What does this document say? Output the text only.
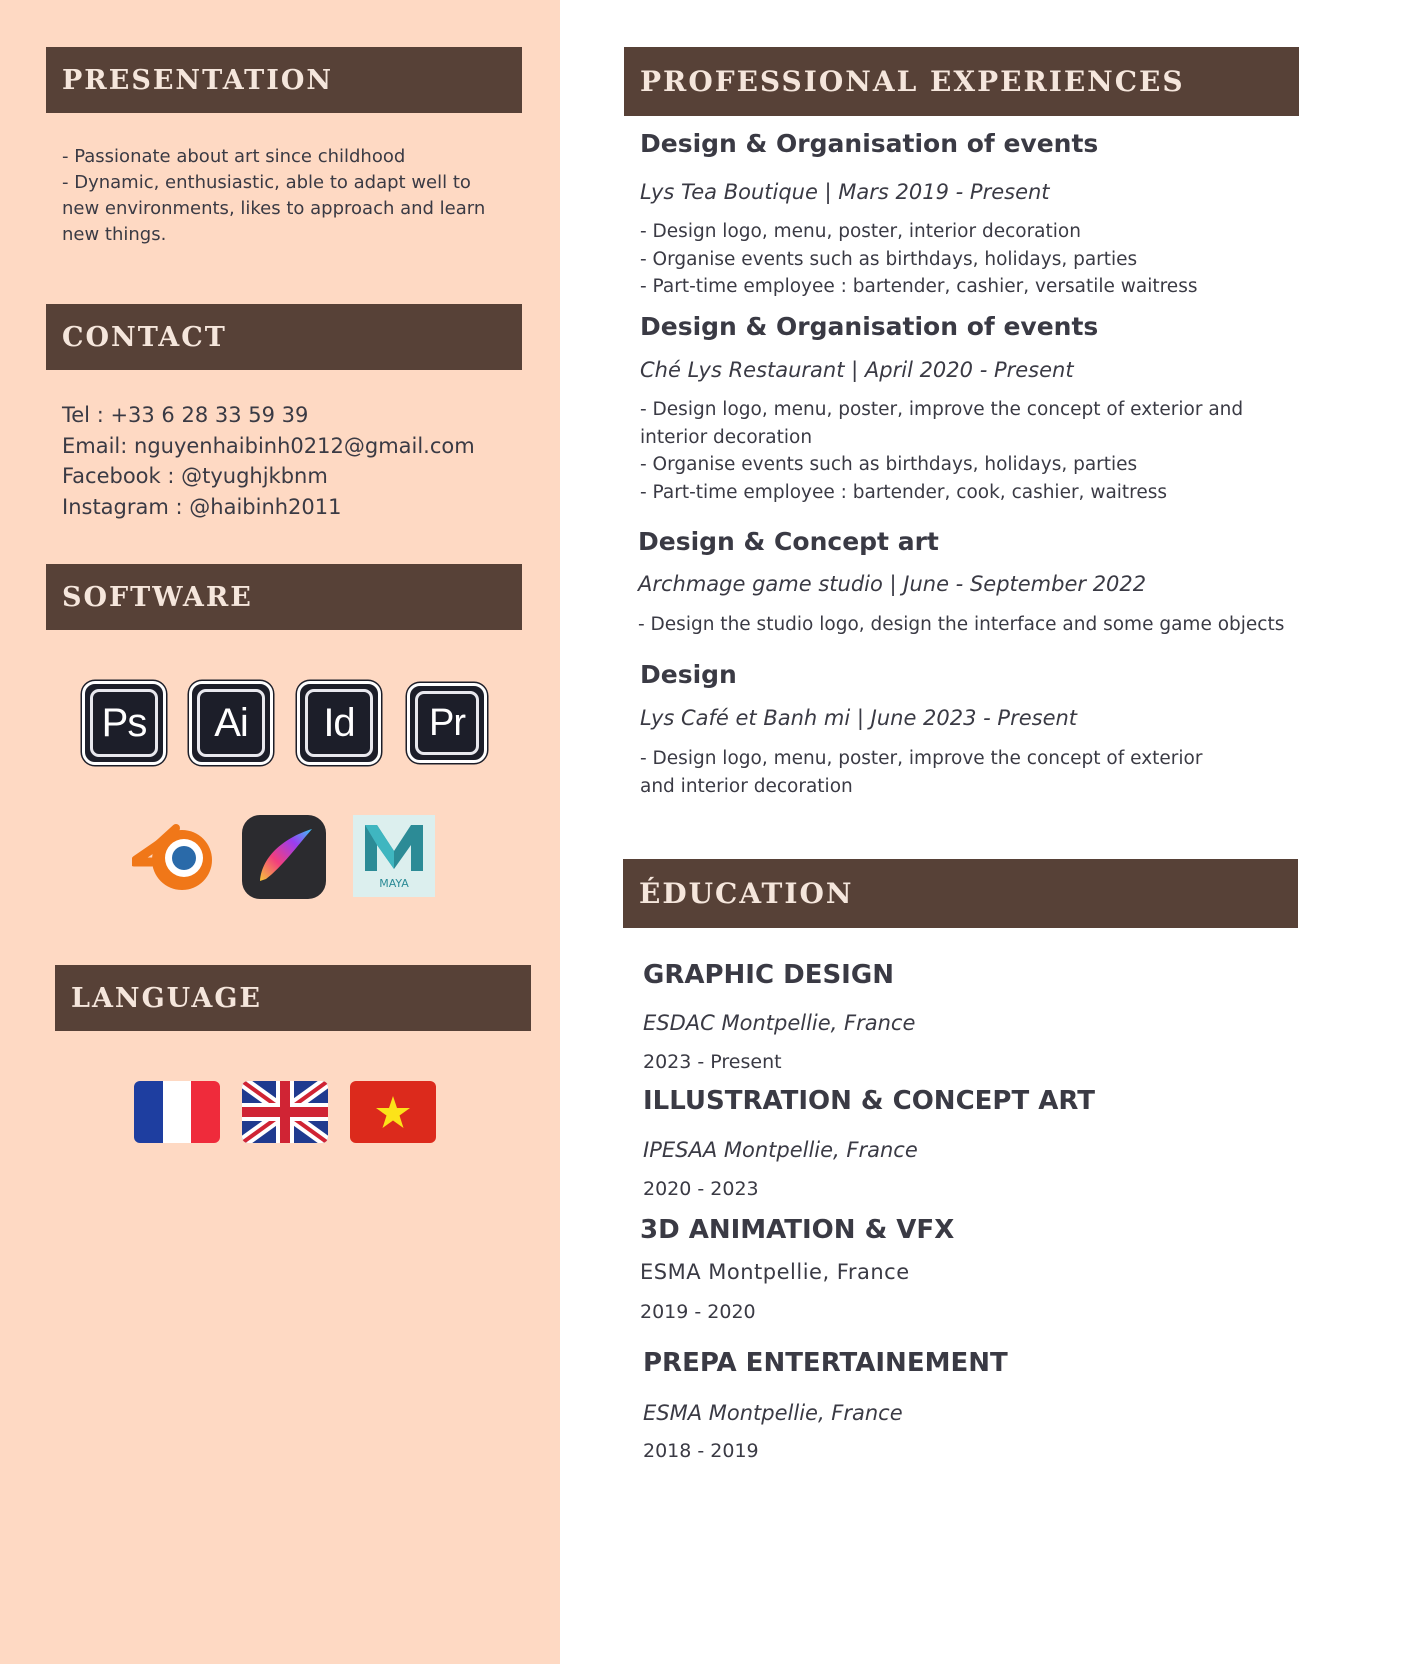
PRESENTATION
- Passionate about art since childhood
- Dynamic, enthusiastic, able to adapt well to new environments, likes to approach and learn new things.
CONTACT
Tel : +33 6 28 33 59 39
Email: nguyenhaibinh0212@gmail.com
Facebook : @tyughjkbnm
Instagram : @haibinh2011
SOFTWARE
Ps Ai Id Pr
MAYA
LANGUAGE
PROFESSIONAL EXPERIENCES
Design & Organisation of events
Lys Tea Boutique | Mars 2019 - Present
- Design logo, menu, poster, interior decoration
- Organise events such as birthdays, holidays, parties
- Part-time employee : bartender, cashier, versatile waitress
Design & Organisation of events
Ché Lys Restaurant | April 2020 - Present
- Design logo, menu, poster, improve the concept of exterior and interior decoration
- Organise events such as birthdays, holidays, parties
- Part-time employee : bartender, cook, cashier, waitress
Design & Concept art
Archmage game studio | June - September 2022
- Design the studio logo, design the interface and some game objects
Design
Lys Café et Banh mi | June 2023 - Present
- Design logo, menu, poster, improve the concept of exterior and interior decoration
ÉDUCATION
GRAPHIC DESIGN
ESDAC Montpellie, France
2023 - Present
ILLUSTRATION & CONCEPT ART
IPESAA Montpellie, France
2020 - 2023
3D ANIMATION & VFX
ESMA Montpellie, France
2019 - 2020
PREPA ENTERTAINEMENT
ESMA Montpellie, France
2018 - 2019
